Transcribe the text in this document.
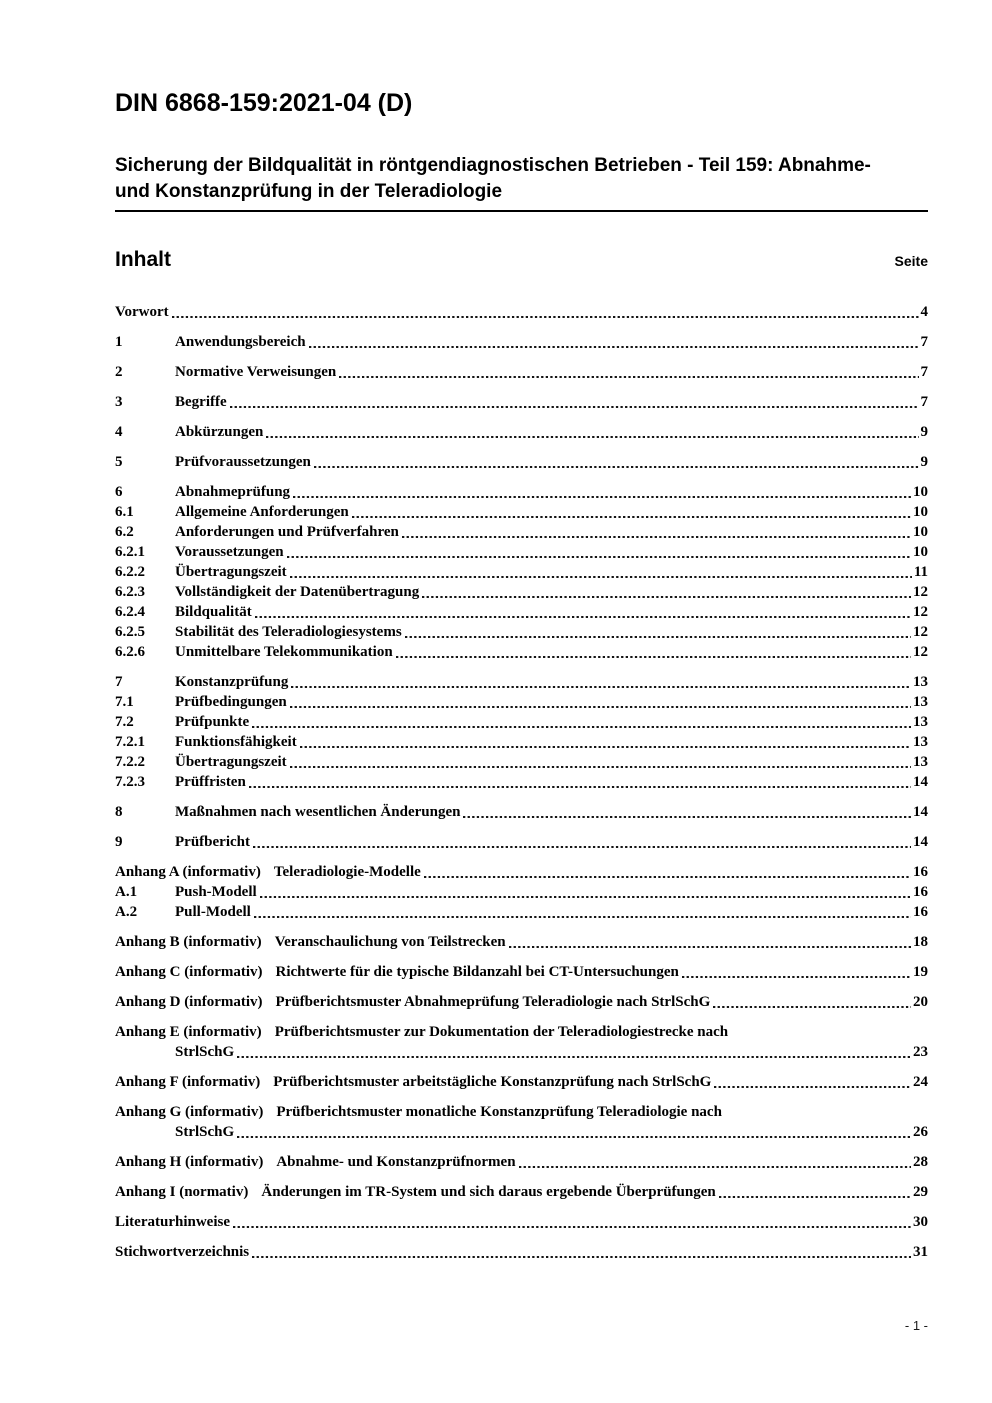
DIN 6868-159:2021-04 (D)
Sicherung der Bildqualität in röntgendiagnostischen Betrieben - Teil 159: Abnahme-
und Konstanzprüfung in der Teleradiologie
Inhalt	Seite
Vorwort	4
1	Anwendungsbereich	7
2	Normative Verweisungen	7
3	Begriffe	7
4	Abkürzungen	9
5	Prüfvoraussetzungen	9
6	Abnahmeprüfung	10
6.1	Allgemeine Anforderungen	10
6.2	Anforderungen und Prüfverfahren	10
6.2.1	Voraussetzungen	10
6.2.2	Übertragungszeit	11
6.2.3	Vollständigkeit der Datenübertragung	12
6.2.4	Bildqualität	12
6.2.5	Stabilität des Teleradiologiesystems	12
6.2.6	Unmittelbare Telekommunikation	12
7	Konstanzprüfung	13
7.1	Prüfbedingungen	13
7.2	Prüfpunkte	13
7.2.1	Funktionsfähigkeit	13
7.2.2	Übertragungszeit	13
7.2.3	Prüffristen	14
8	Maßnahmen nach wesentlichen Änderungen	14
9	Prüfbericht	14
Anhang A (informativ) Teleradiologie-Modelle	16
A.1	Push-Modell	16
A.2	Pull-Modell	16
Anhang B (informativ) Veranschaulichung von Teilstrecken	18
Anhang C (informativ) Richtwerte für die typische Bildanzahl bei CT-Untersuchungen	19
Anhang D (informativ) Prüfberichtsmuster Abnahmeprüfung Teleradiologie nach StrlSchG	20
Anhang E (informativ) Prüfberichtsmuster zur Dokumentation der Teleradiologiestrecke nach
StrlSchG	23
Anhang F (informativ) Prüfberichtsmuster arbeitstägliche Konstanzprüfung nach StrlSchG	24
Anhang G (informativ) Prüfberichtsmuster monatliche Konstanzprüfung Teleradiologie nach
StrlSchG	26
Anhang H (informativ) Abnahme- und Konstanzprüfnormen	28
Anhang I (normativ) Änderungen im TR-System und sich daraus ergebende Überprüfungen	29
Literaturhinweise	30
Stichwortverzeichnis	31
- 1 -
